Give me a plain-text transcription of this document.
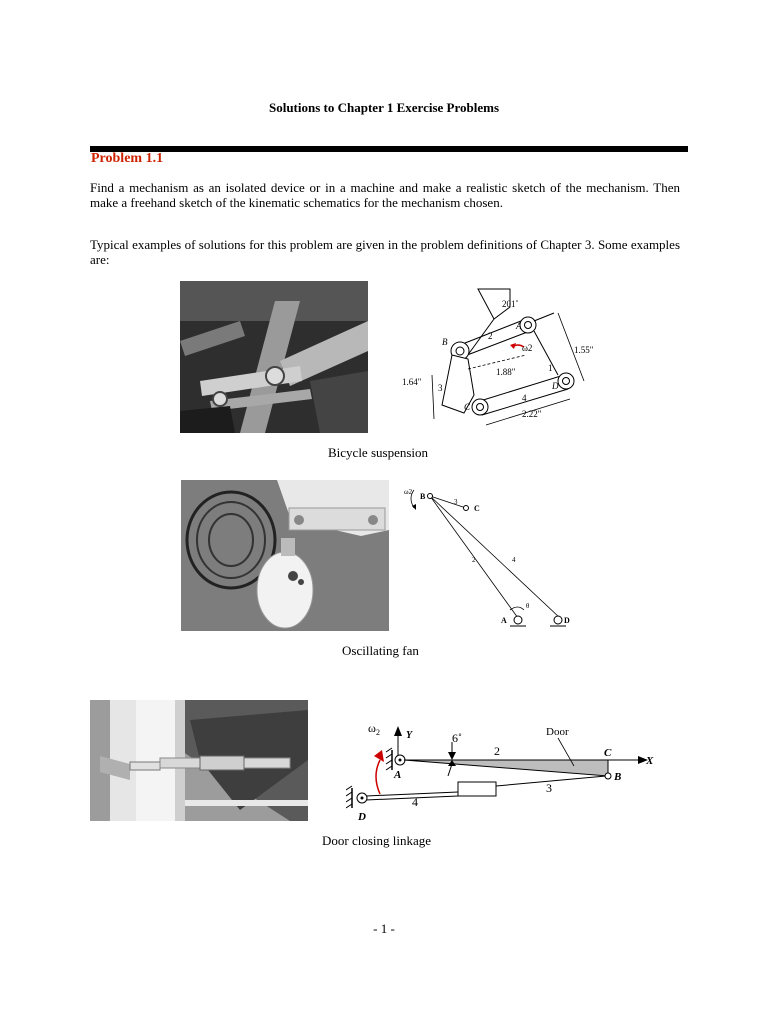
Solutions to Chapter 1 Exercise Problems
Problem 1.1

Find a mechanism as an isolated device or in a machine and make a realistic sketch of the mechanism. Then make a freehand sketch of the kinematic schematics for the mechanism chosen.

Typical examples of solutions for this problem are given in the problem definitions of Chapter 3. Some examples are:

201˚
A
B
C
D
ω2	1.55"
1.88"
1.64"
2.22"
1
2
3
4
Bicycle suspension
ω2 B
C
A	D
3
2	4
θ
Oscillating fan
ω 2	Y	6˚	Door
2	C
X
A	B
3
4
D
Door closing linkage
- 1 -
